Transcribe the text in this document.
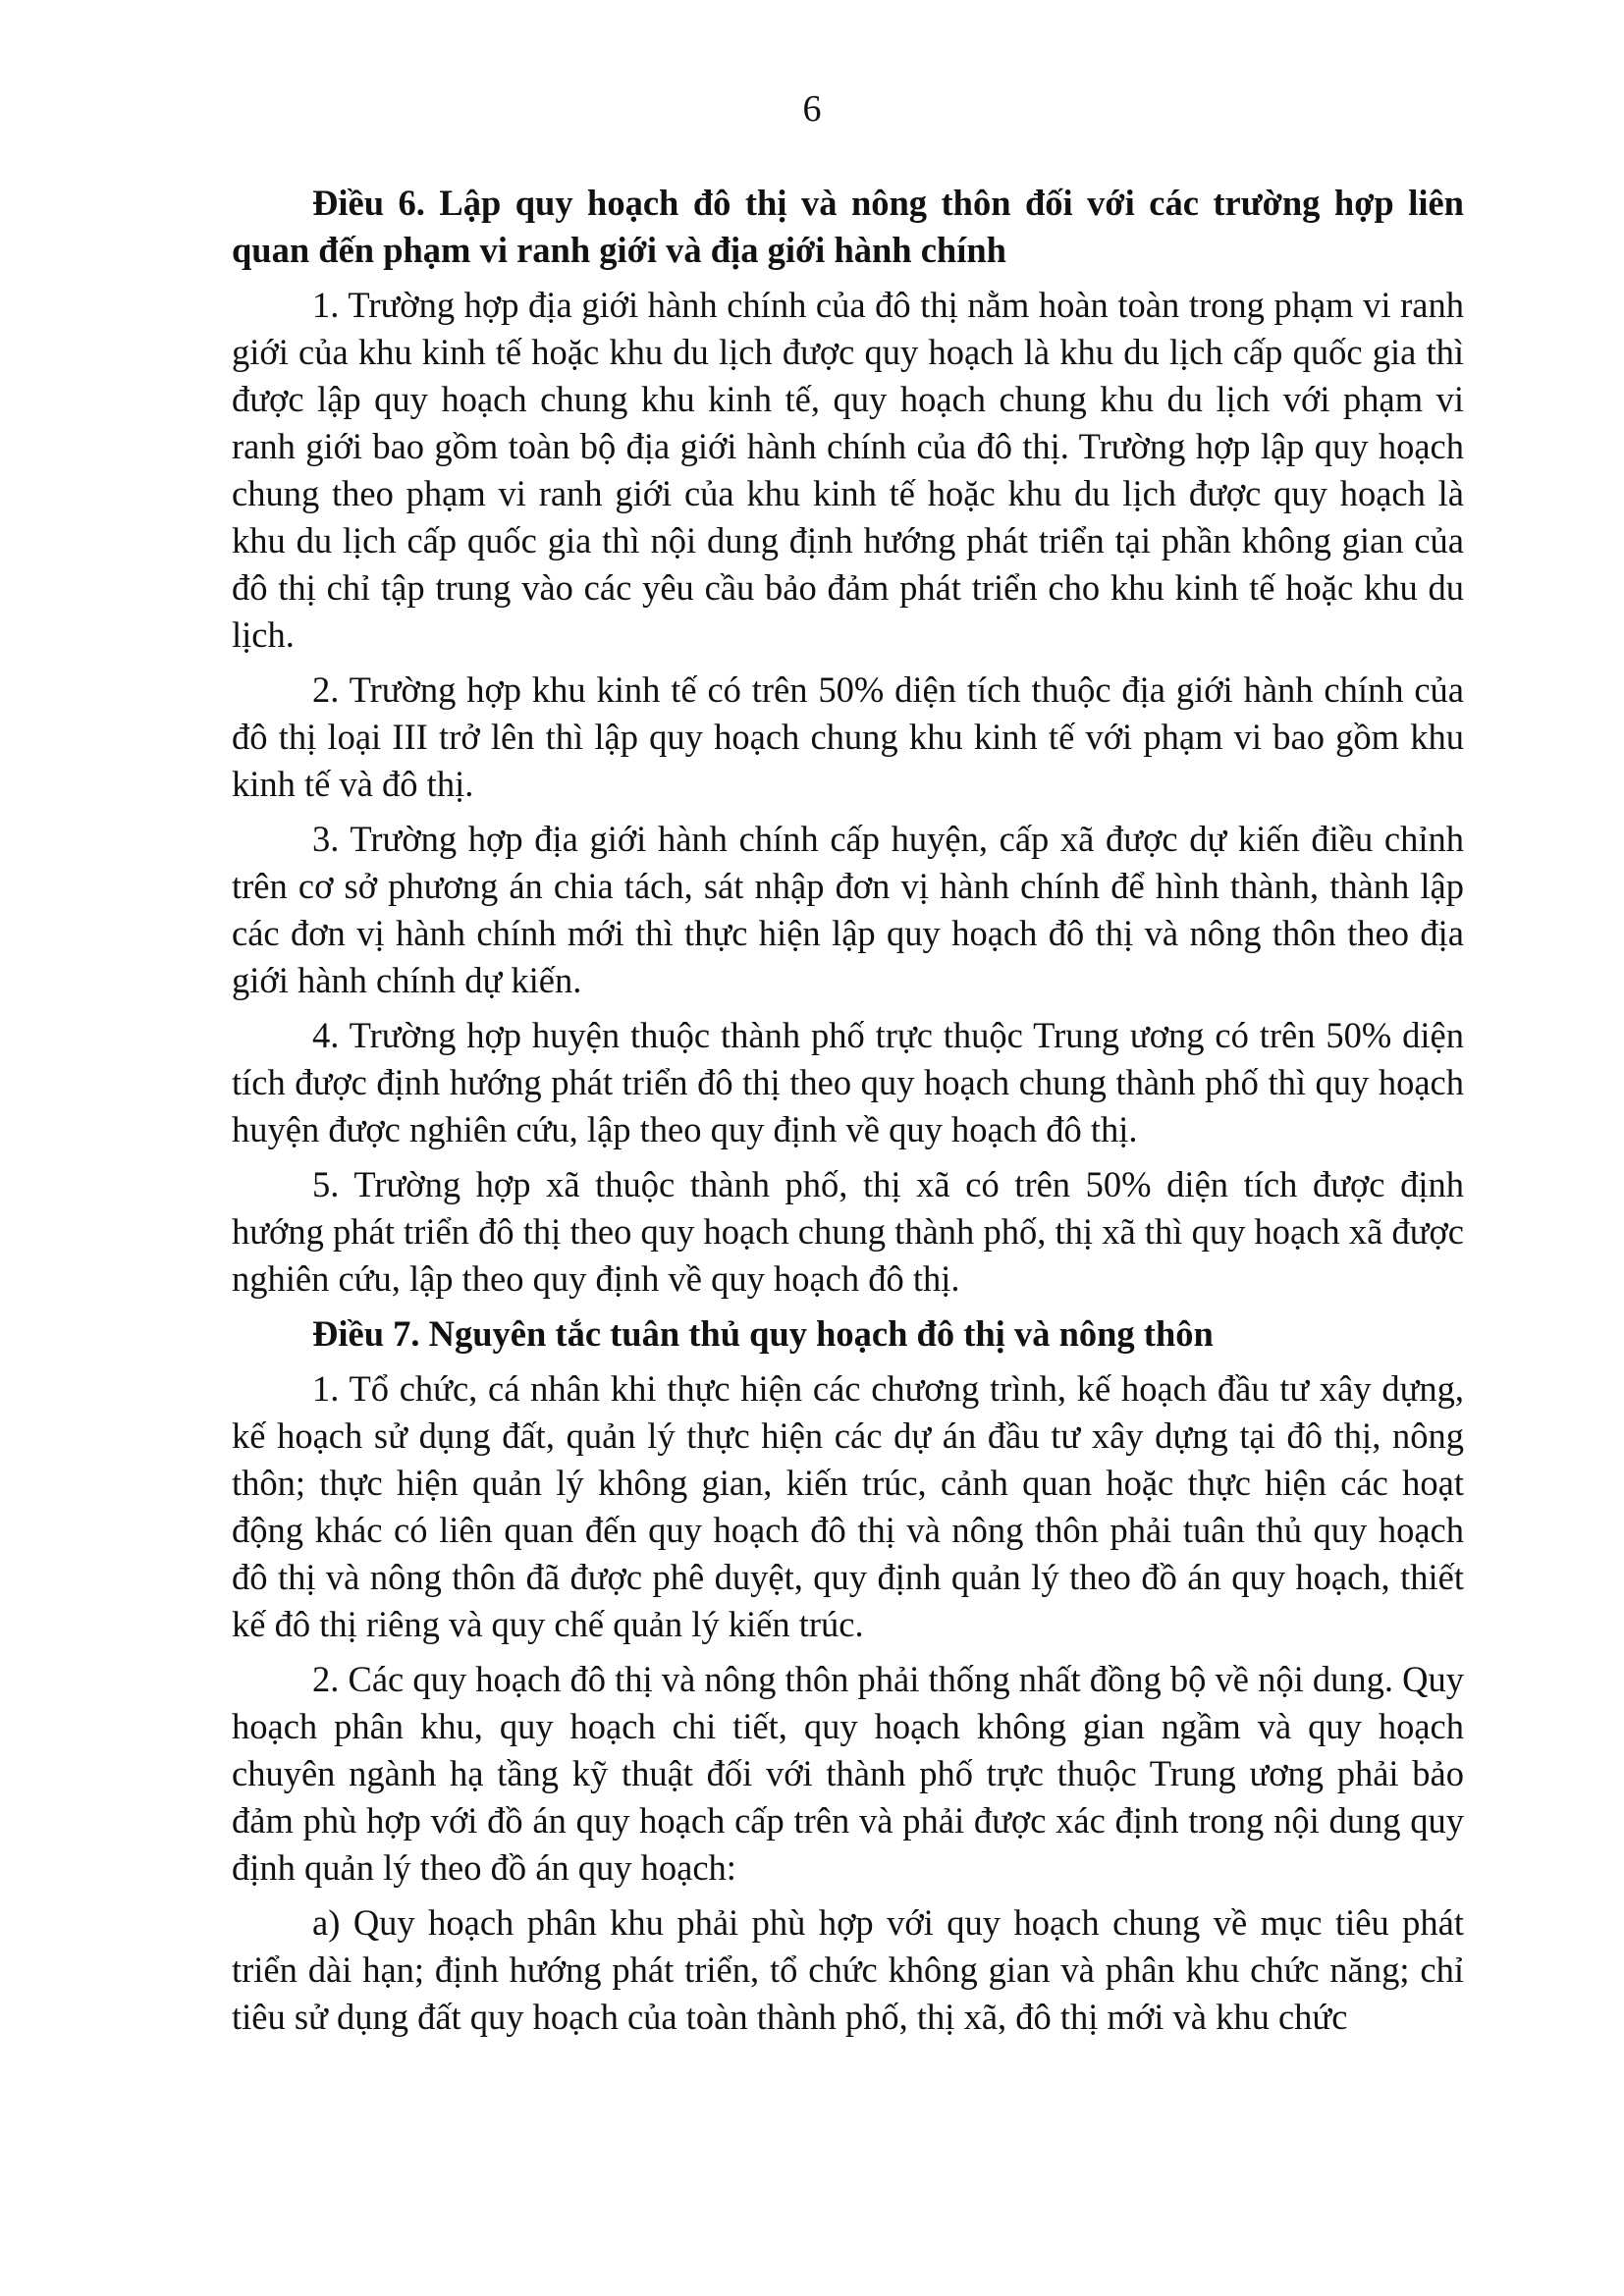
6

Điều 6. Lập quy hoạch đô thị và nông thôn đối với các trường hợp liên quan đến phạm vi ranh giới và địa giới hành chính

1. Trường hợp địa giới hành chính của đô thị nằm hoàn toàn trong phạm vi ranh giới của khu kinh tế hoặc khu du lịch được quy hoạch là khu du lịch cấp quốc gia thì được lập quy hoạch chung khu kinh tế, quy hoạch chung khu du lịch với phạm vi ranh giới bao gồm toàn bộ địa giới hành chính của đô thị. Trường hợp lập quy hoạch chung theo phạm vi ranh giới của khu kinh tế hoặc khu du lịch được quy hoạch là khu du lịch cấp quốc gia thì nội dung định hướng phát triển tại phần không gian của đô thị chỉ tập trung vào các yêu cầu bảo đảm phát triển cho khu kinh tế hoặc khu du lịch.

2. Trường hợp khu kinh tế có trên 50% diện tích thuộc địa giới hành chính của đô thị loại III trở lên thì lập quy hoạch chung khu kinh tế với phạm vi bao gồm khu kinh tế và đô thị.

3. Trường hợp địa giới hành chính cấp huyện, cấp xã được dự kiến điều chỉnh trên cơ sở phương án chia tách, sát nhập đơn vị hành chính để hình thành, thành lập các đơn vị hành chính mới thì thực hiện lập quy hoạch đô thị và nông thôn theo địa giới hành chính dự kiến.

4. Trường hợp huyện thuộc thành phố trực thuộc Trung ương có trên 50% diện tích được định hướng phát triển đô thị theo quy hoạch chung thành phố thì quy hoạch huyện được nghiên cứu, lập theo quy định về quy hoạch đô thị.

5. Trường hợp xã thuộc thành phố, thị xã có trên 50% diện tích được định hướng phát triển đô thị theo quy hoạch chung thành phố, thị xã thì quy hoạch xã được nghiên cứu, lập theo quy định về quy hoạch đô thị.

Điều 7. Nguyên tắc tuân thủ quy hoạch đô thị và nông thôn

1. Tổ chức, cá nhân khi thực hiện các chương trình, kế hoạch đầu tư xây dựng, kế hoạch sử dụng đất, quản lý thực hiện các dự án đầu tư xây dựng tại đô thị, nông thôn; thực hiện quản lý không gian, kiến trúc, cảnh quan hoặc thực hiện các hoạt động khác có liên quan đến quy hoạch đô thị và nông thôn phải tuân thủ quy hoạch đô thị và nông thôn đã được phê duyệt, quy định quản lý theo đồ án quy hoạch, thiết kế đô thị riêng và quy chế quản lý kiến trúc.

2. Các quy hoạch đô thị và nông thôn phải thống nhất đồng bộ về nội dung. Quy hoạch phân khu, quy hoạch chi tiết, quy hoạch không gian ngầm và quy hoạch chuyên ngành hạ tầng kỹ thuật đối với thành phố trực thuộc Trung ương phải bảo đảm phù hợp với đồ án quy hoạch cấp trên và phải được xác định trong nội dung quy định quản lý theo đồ án quy hoạch:

a) Quy hoạch phân khu phải phù hợp với quy hoạch chung về mục tiêu phát triển dài hạn; định hướng phát triển, tổ chức không gian và phân khu chức năng; chỉ tiêu sử dụng đất quy hoạch của toàn thành phố, thị xã, đô thị mới và khu chức
